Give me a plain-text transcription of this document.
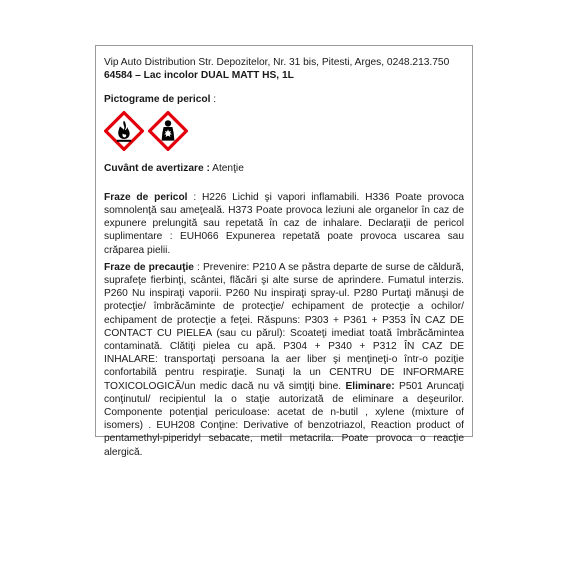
Vip Auto Distribution Str. Depozitelor, Nr. 31 bis, Pitesti, Arges, 0248.213.750

64584 – Lac incolor DUAL MATT HS, 1L

Pictograme de pericol :
Cuvânt de avertizare : Atenţie

Fraze de pericol : H226 Lichid şi vapori inflamabili. H336 Poate provoca somnolenţă sau ameţeală. H373 Poate provoca leziuni ale organelor în caz de expunere prelungită sau repetată în caz de inhalare. Declaraţii de pericol suplimentare : EUH066 Expunerea repetată poate provoca uscarea sau crăparea pielii.

Fraze de precauţie : Prevenire: P210 A se păstra departe de surse de căldură, suprafeţe fierbinţi, scântei, flăcări şi alte surse de aprindere. Fumatul interzis. P260 Nu inspiraţi vaporii. P260 Nu inspiraţi spray-ul. P280 Purtaţi mănuşi de protecţie/ îmbrăcăminte de protecţie/ echipament de protecţie a ochilor/ echipament de protecţie a feţei. Răspuns: P303 + P361 + P353 ÎN CAZ DE CONTACT CU PIELEA (sau cu părul): Scoateţi imediat toată îmbrăcămintea contaminată. Clătiţi pielea cu apă. P304 + P340 + P312 ÎN CAZ DE INHALARE: transportaţi persoana la aer liber şi menţineţi-o într-o poziţie confortabilă pentru respiraţie. Sunaţi la un CENTRU DE INFORMARE TOXICOLOGICĂ/un medic dacă nu vă simţiţi bine. Eliminare: P501 Aruncaţi conţinutul/ recipientul la o staţie autorizată de eliminare a deşeurilor. Componente potenţial periculoase: acetat de n-butil , xylene (mixture of isomers) . EUH208 Conţine: Derivative of benzotriazol, Reaction product of pentamethyl-piperidyl sebacate, metil metacrila. Poate provoca o reacţie alergică.
